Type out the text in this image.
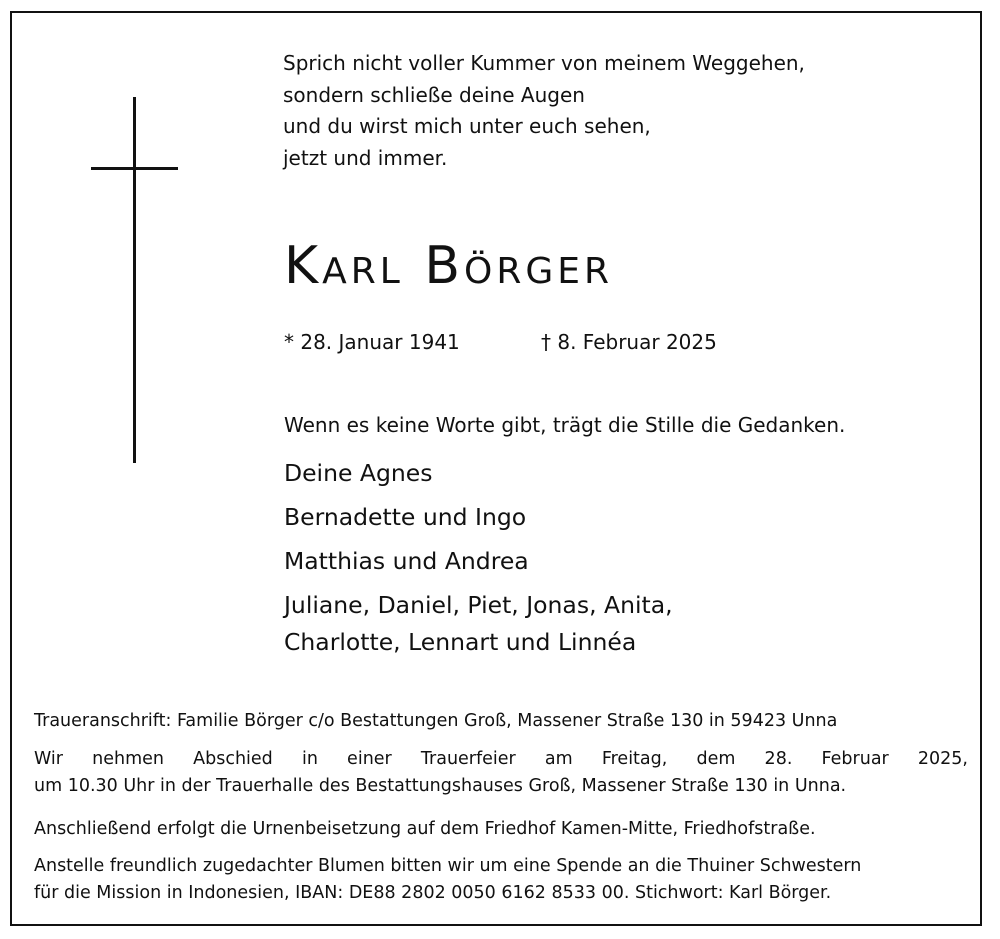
Sprich nicht voller Kummer von meinem Weggehen,
sondern schließe deine Augen
und du wirst mich unter euch sehen,
jetzt und immer.
Karl Börger
* 28. Januar 1941	† 8. Februar 2025
Wenn es keine Worte gibt, trägt die Stille die Gedanken.
Deine Agnes
Bernadette und Ingo
Matthias und Andrea
Juliane, Daniel, Piet, Jonas, Anita,
Charlotte, Lennart und Linnéa
Traueranschrift: Familie Börger c/o Bestattungen Groß, Massener Straße 130 in 59423 Unna
Wir nehmen Abschied in einer Trauerfeier am Freitag, dem 28. Februar 2025,
um 10.30 Uhr in der Trauerhalle des Bestattungshauses Groß, Massener Straße 130 in Unna.
Anschließend erfolgt die Urnenbeisetzung auf dem Friedhof Kamen-Mitte, Friedhofstraße.
Anstelle freundlich zugedachter Blumen bitten wir um eine Spende an die Thuiner Schwestern
für die Mission in Indonesien, IBAN: DE88 2802 0050 6162 8533 00. Stichwort: Karl Börger.
